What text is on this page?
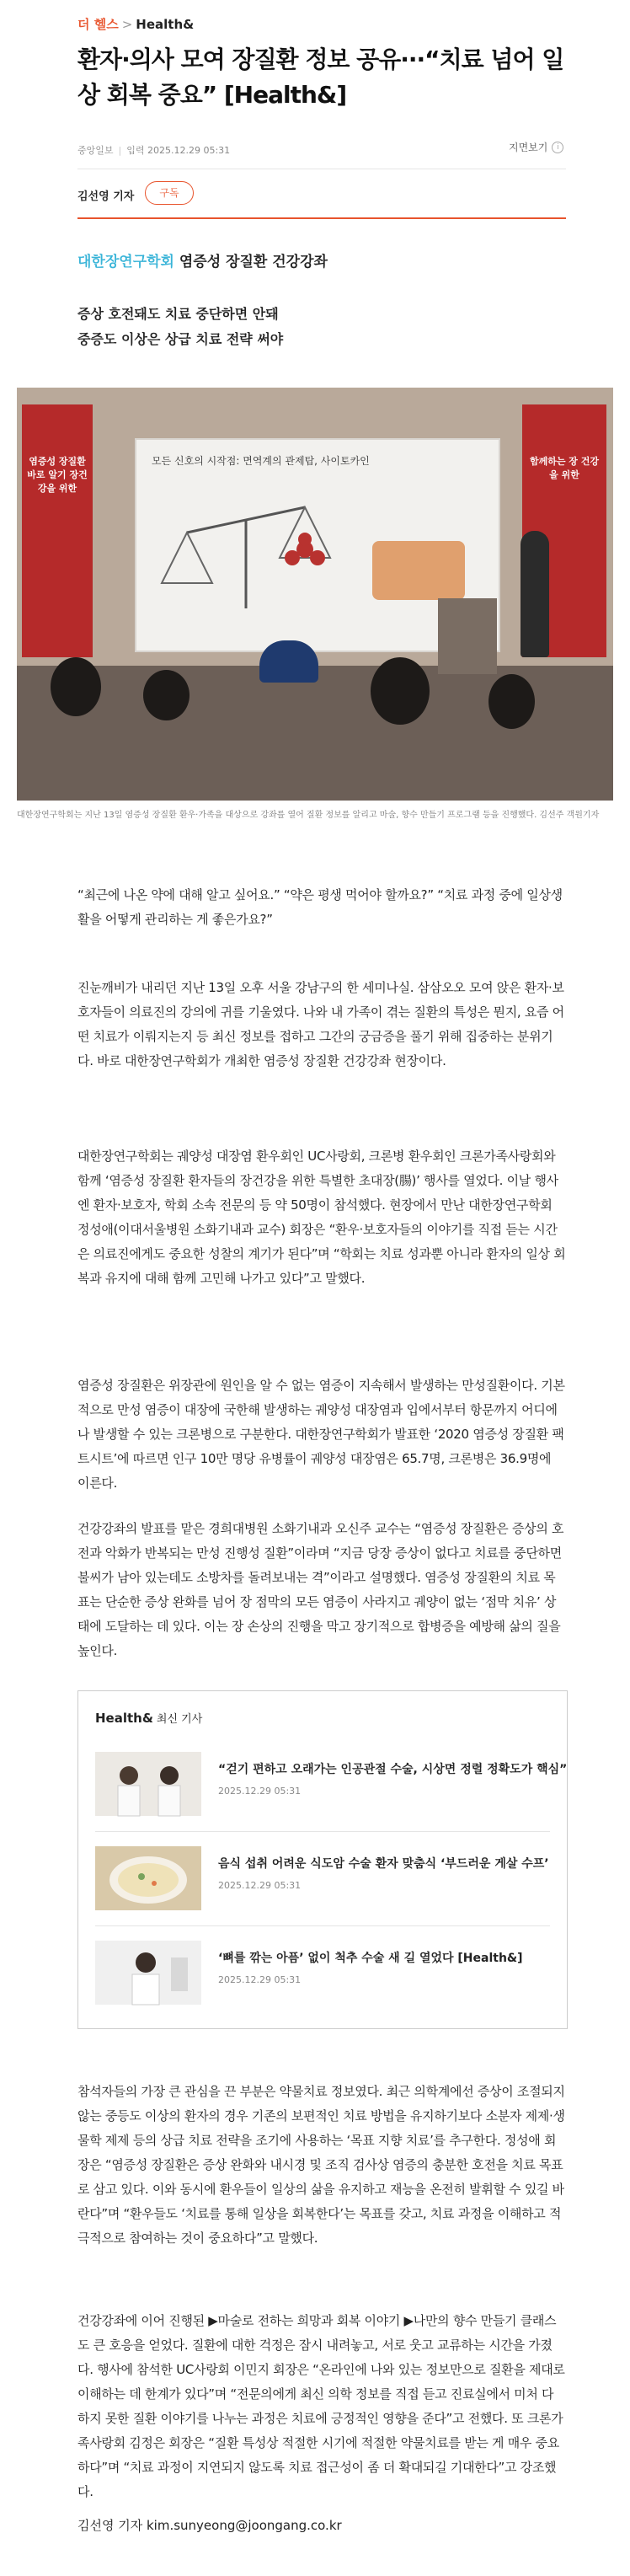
더 헬스 > Health&
환자·의사 모여 장질환 정보 공유···“치료 넘어 일상 회복 중요” [Health&]
중앙일보 | 입력 2025.12.29 05:31	지면보기	i
김선영 기자	구독
대한장연구학회 염증성 장질환 건강강좌
증상 호전돼도 치료 중단하면 안돼
중증도 이상은 상급 치료 전략 써야
모든 신호의 시작점: 면역계의 관제탑, 사이토카인
염증성 장질환 바로 알기 장건강을 위한
함께하는 장 건강을 위한
⛶
대한장연구학회는 지난 13일 염증성 장질환 환우·가족을 대상으로 강좌를 열어 질환 정보를 알리고 마술, 향수 만들기 프로그램 등을 진행했다. 김선주 객원기자

“최근에 나온 약에 대해 알고 싶어요.” “약은 평생 먹어야 할까요?” “치료 과정 중에 일상생활을 어떻게 관리하는 게 좋은가요?”

진눈깨비가 내리던 지난 13일 오후 서울 강남구의 한 세미나실. 삼삼오오 모여 앉은 환자·보호자들이 의료진의 강의에 귀를 기울였다. 나와 내 가족이 겪는 질환의 특성은 뭔지, 요즘 어떤 치료가 이뤄지는지 등 최신 정보를 접하고 그간의 궁금증을 풀기 위해 집중하는 분위기다. 바로 대한장연구학회가 개최한 염증성 장질환 건강강좌 현장이다.

대한장연구학회는 궤양성 대장염 환우회인 UC사랑회, 크론병 환우회인 크론가족사랑회와 함께 ‘염증성 장질환 환자들의 장건강을 위한 특별한 초대장(腸)’ 행사를 열었다. 이날 행사엔 환자·보호자, 학회 소속 전문의 등 약 50명이 참석했다. 현장에서 만난 대한장연구학회 정성애(이대서울병원 소화기내과 교수) 회장은 “환우·보호자들의 이야기를 직접 듣는 시간은 의료진에게도 중요한 성찰의 계기가 된다”며 “학회는 치료 성과뿐 아니라 환자의 일상 회복과 유지에 대해 함께 고민해 나가고 있다”고 말했다.

염증성 장질환은 위장관에 원인을 알 수 없는 염증이 지속해서 발생하는 만성질환이다. 기본적으로 만성 염증이 대장에 국한해 발생하는 궤양성 대장염과 입에서부터 항문까지 어디에나 발생할 수 있는 크론병으로 구분한다. 대한장연구학회가 발표한 ‘2020 염증성 장질환 팩트시트’에 따르면 인구 10만 명당 유병률이 궤양성 대장염은 65.7명, 크론병은 36.9명에 이른다.

건강강좌의 발표를 맡은 경희대병원 소화기내과 오신주 교수는 “염증성 장질환은 증상의 호전과 악화가 반복되는 만성 진행성 질환”이라며 “지금 당장 증상이 없다고 치료를 중단하면 불씨가 남아 있는데도 소방차를 돌려보내는 격”이라고 설명했다. 염증성 장질환의 치료 목표는 단순한 증상 완화를 넘어 장 점막의 모든 염증이 사라지고 궤양이 없는 ‘점막 치유’ 상태에 도달하는 데 있다. 이는 장 손상의 진행을 막고 장기적으로 합병증을 예방해 삶의 질을 높인다.

Health& 최신 기사
“걷기 편하고 오래가는 인공관절 수술, 시상면 정렬 정확도가 핵심”
2025.12.29 05:31
음식 섭취 어려운 식도암 수술 환자 맞춤식 ‘부드러운 게살 수프’
2025.12.29 05:31
‘뼈를 깎는 아픔’ 없이 척추 수술 새 길 열었다 [Health&]
2025.12.29 05:31

참석자들의 가장 큰 관심을 끈 부분은 약물치료 정보였다. 최근 의학계에선 증상이 조절되지 않는 중등도 이상의 환자의 경우 기존의 보편적인 치료 방법을 유지하기보다 소분자 제제·생물학 제제 등의 상급 치료 전략을 조기에 사용하는 ‘목표 지향 치료’를 추구한다. 정성애 회장은 “염증성 장질환은 증상 완화와 내시경 및 조직 검사상 염증의 충분한 호전을 치료 목표로 삼고 있다. 이와 동시에 환우들이 일상의 삶을 유지하고 재능을 온전히 발휘할 수 있길 바란다”며 “환우들도 ‘치료를 통해 일상을 회복한다’는 목표를 갖고, 치료 과정을 이해하고 적극적으로 참여하는 것이 중요하다”고 말했다.

건강강좌에 이어 진행된 ▶마술로 전하는 희망과 회복 이야기 ▶나만의 향수 만들기 클래스도 큰 호응을 얻었다. 질환에 대한 걱정은 잠시 내려놓고, 서로 웃고 교류하는 시간을 가졌다. 행사에 참석한 UC사랑회 이민지 회장은 “온라인에 나와 있는 정보만으로 질환을 제대로 이해하는 데 한계가 있다”며 “전문의에게 최신 의학 정보를 직접 듣고 진료실에서 미처 다 하지 못한 질환 이야기를 나누는 과정은 치료에 긍정적인 영향을 준다”고 전했다. 또 크론가족사랑회 김정은 회장은 “질환 특성상 적절한 시기에 적절한 약물치료를 받는 게 매우 중요하다”며 “치료 과정이 지연되지 않도록 치료 접근성이 좀 더 확대되길 기대한다”고 강조했다.

김선영 기자 kim.sunyeong@joongang.co.kr
